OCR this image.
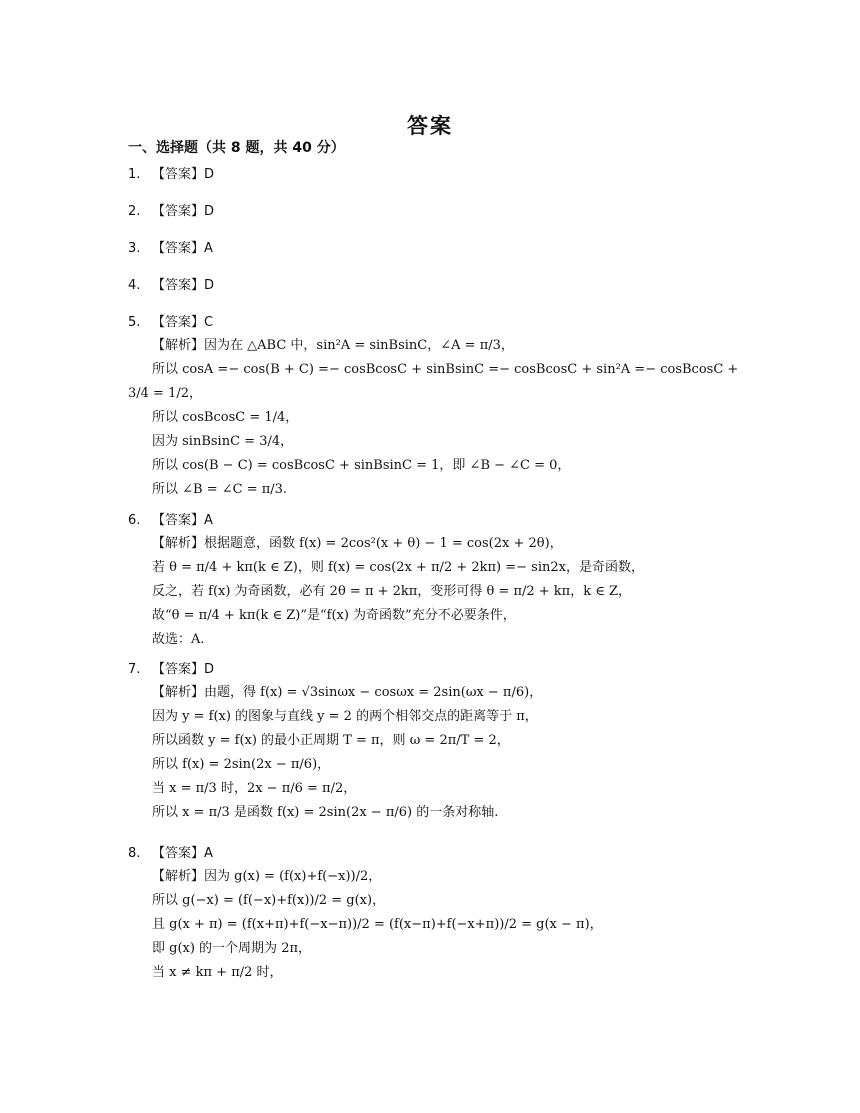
答案
一、选择题（共 8 题，共 40 分）
1. 【答案】D
2. 【答案】D
3. 【答案】A
4. 【答案】D
5. 【答案】C
【解析】因为在 △ABC 中，sin²A = sinBsinC，∠A = π/3，
所以 cosA =− cos(B + C) =− cosBcosC + sinBsinC =− cosBcosC + sin²A =− cosBcosC +
3/4 = 1/2，
所以 cosBcosC = 1/4，
因为 sinBsinC = 3/4，
所以 cos(B − C) = cosBcosC + sinBsinC = 1，即 ∠B − ∠C = 0，
所以 ∠B = ∠C = π/3.
6. 【答案】A
【解析】根据题意，函数 f(x) = 2cos²(x + θ) − 1 = cos(2x + 2θ)，
若 θ = π/4 + kπ(k ∈ Z)，则 f(x) = cos(2x + π/2 + 2kπ) =− sin2x，是奇函数，
反之，若 f(x) 为奇函数，必有 2θ = π + 2kπ，变形可得 θ = π/2 + kπ，k ∈ Z，
故“θ = π/4 + kπ(k ∈ Z)”是“f(x) 为奇函数”充分不必要条件，
故选：A.
7. 【答案】D
【解析】由题，得 f(x) = √3sinωx − cosωx = 2sin(ωx − π/6)，
因为 y = f(x) 的图象与直线 y = 2 的两个相邻交点的距离等于 π，
所以函数 y = f(x) 的最小正周期 T = π，则 ω = 2π/T = 2，
所以 f(x) = 2sin(2x − π/6)，
当 x = π/3 时，2x − π/6 = π/2，
所以 x = π/3 是函数 f(x) = 2sin(2x − π/6) 的一条对称轴.
8. 【答案】A
【解析】因为 g(x) = (f(x)+f(−x))/2，
所以 g(−x) = (f(−x)+f(x))/2 = g(x)，
且 g(x + π) = (f(x+π)+f(−x−π))/2 = (f(x−π)+f(−x+π))/2 = g(x − π)，
即 g(x) 的一个周期为 2π，
当 x ≠ kπ + π/2 时，
